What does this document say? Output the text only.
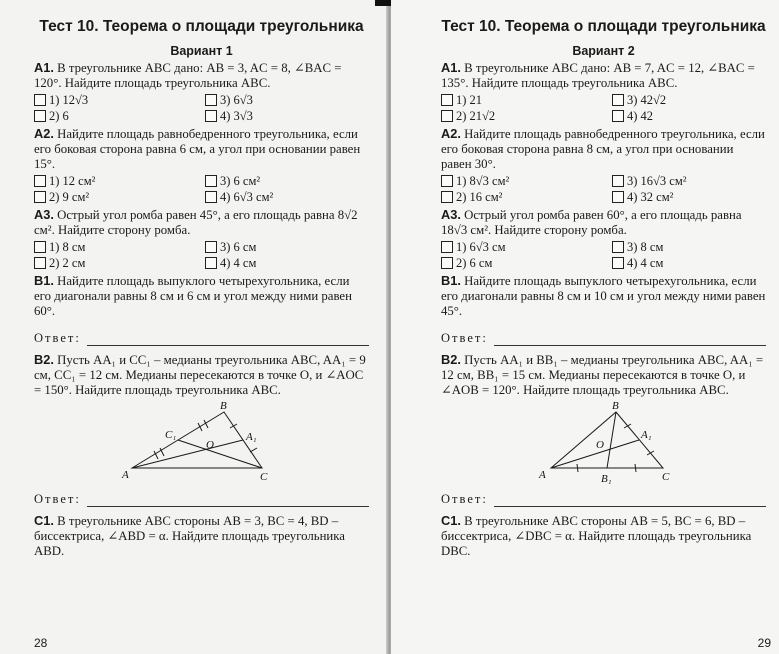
Тест 10. Теорема о площади треугольника

Вариант 1

A1. В треугольнике ABC дано: AB = 3, AC = 8, ∠BAC = 120°. Найдите площадь треугольника ABC.

1) 12√3	3) 6√3
2) 6	4) 3√3

A2. Найдите площадь равнобедренного треугольника, если его боковая сторона равна 6 см, а угол при основании равен 15°.

1) 12 см²	3) 6 см²
2) 9 см²	4) 6√3 см²

A3. Острый угол ромба равен 45°, а его площадь равна 8√2 см². Найдите сторону ромба.

1) 8 см	3) 6 см
2) 2 см	4) 4 см

B1. Найдите площадь выпуклого четырехугольника, если его диагонали равны 8 см и 6 см и угол между ними равен 60°.

Ответ:

B2. Пусть AA₁ и CC₁ – медианы треугольника ABC, AA₁ = 9 см, CC₁ = 12 см. Медианы пересекаются в точке O, и ∠AOC = 150°. Найдите площадь треугольника ABC.

A
B
C
C₁	A₁
O
Ответ:

C1. В треугольнике ABC стороны AB = 3, BC = 4, BD – биссектриса, ∠ABD = α. Найдите площадь треугольника ABD.

28

Тест 10. Теорема о площади треугольника

Вариант 2

A1. В треугольнике ABC дано: AB = 7, AC = 12, ∠BAC = 135°. Найдите площадь треугольника ABC.

1) 21	3) 42√2
2) 21√2	4) 42

A2. Найдите площадь равнобедренного треугольника, если его боковая сторона равна 8 см, а угол при основании равен 30°.

1) 8√3 см²	3) 16√3 см²
2) 16 см²	4) 32 см²

A3. Острый угол ромба равен 60°, а его площадь равна 18√3 см². Найдите сторону ромба.

1) 6√3 см	3) 8 см
2) 6 см	4) 4 см

B1. Найдите площадь выпуклого четырехугольника, если его диагонали равны 8 см и 10 см и угол между ними равен 45°.

Ответ:

B2. Пусть AA₁ и BB₁ – медианы треугольника ABC, AA₁ = 12 см, BB₁ = 15 см. Медианы пересекаются в точке O, и ∠AOB = 120°. Найдите площадь треугольника ABC.

A
B
C
B₁
A₁
O
Ответ:

C1. В треугольнике ABC стороны AB = 5, BC = 6, BD – биссектриса, ∠DBC = α. Найдите площадь треугольника DBC.

29
